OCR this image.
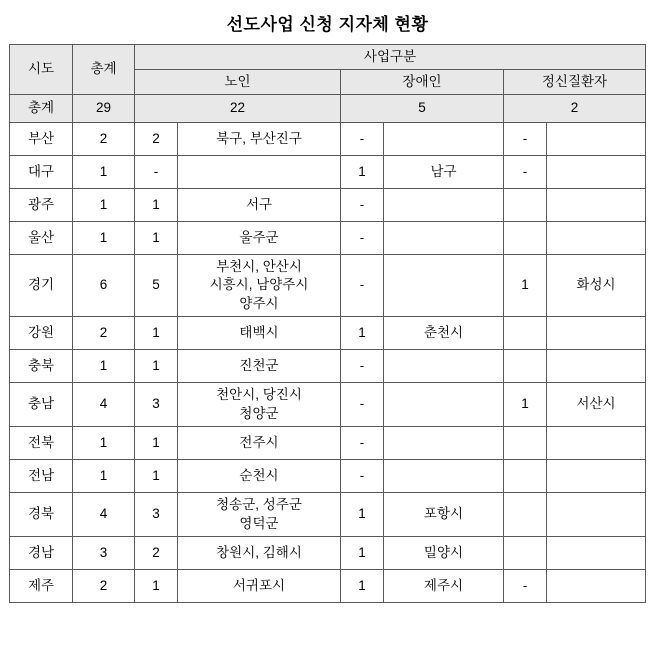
선도사업 신청 지자체 현황
시도	총계	사업구분					
		노인		장애인		정신질환자	
총계	29	22		5		2	
부산	2	2	북구, 부산진구	-		-	
대구	1	-		1	남구	-	
광주	1	1	서구	-			
울산	1	1	울주군	-			
경기	6	5	부천시, 안산시
시흥시, 남양주시
양주시	-		1	화성시
강원	2	1	태백시	1	춘천시		
충북	1	1	진천군	-			
충남	4	3	천안시, 당진시
청양군	-		1	서산시
전북	1	1	전주시	-			
전남	1	1	순천시	-			
경북	4	3	청송군, 성주군
영덕군	1	포항시		
경남	3	2	창원시, 김해시	1	밀양시		
제주	2	1	서귀포시	1	제주시	-	
